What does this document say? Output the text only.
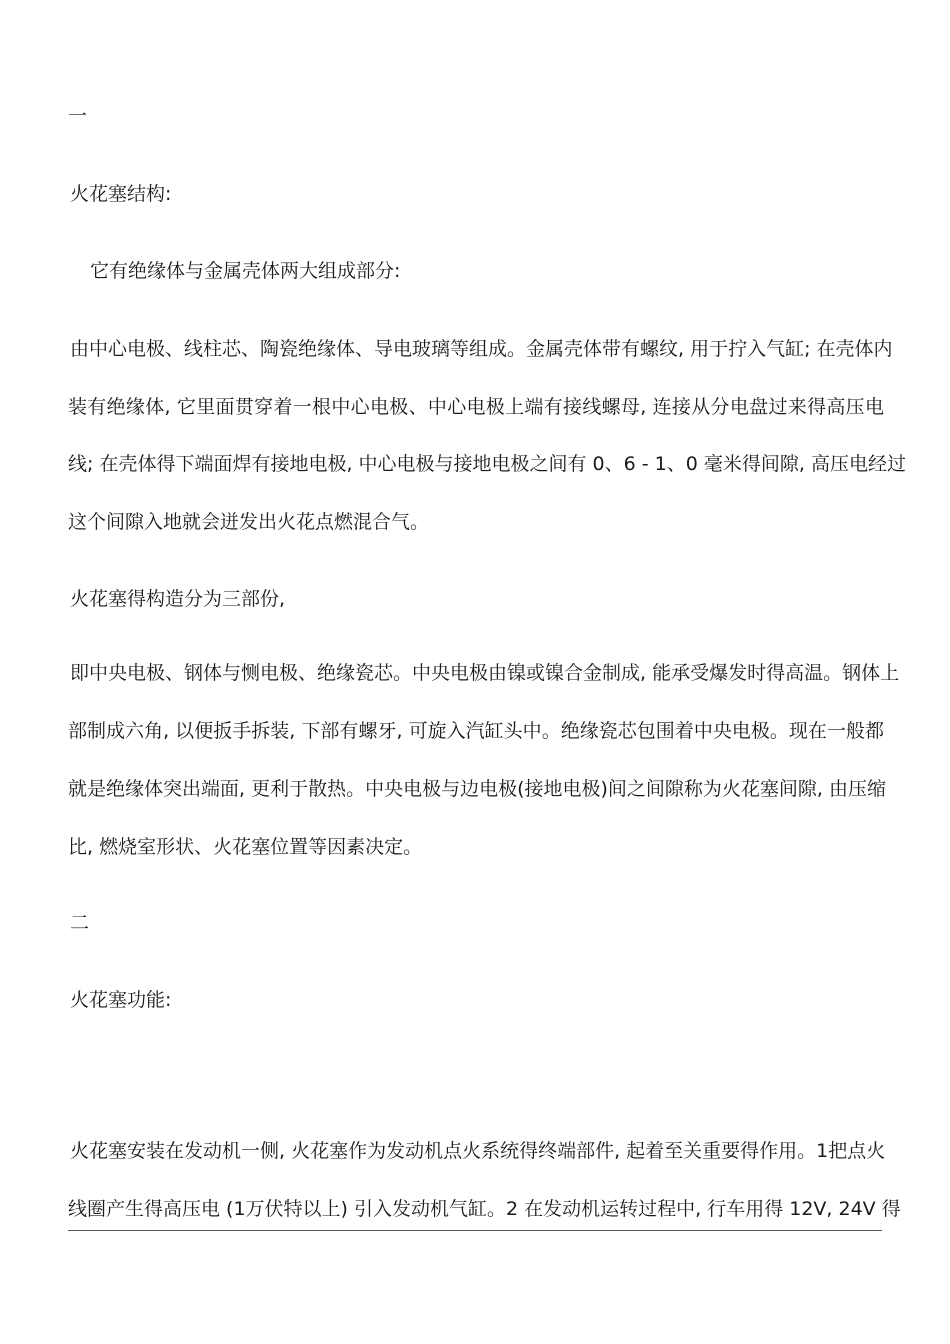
一
火花塞结构:
它有绝缘体与金属壳体两大组成部分:
由中心电极、线柱芯、陶瓷绝缘体、导电玻璃等组成。金属壳体带有螺纹, 用于拧入气缸; 在壳体内
装有绝缘体, 它里面贯穿着一根中心电极、中心电极上端有接线螺母, 连接从分电盘过来得高压电
线; 在壳体得下端面焊有接地电极, 中心电极与接地电极之间有 0、6 - 1、0 毫米得间隙, 高压电经过
这个间隙入地就会迸发出火花点燃混合气。
火花塞得构造分为三部份,
即中央电极、钢体与恻电极、绝缘瓷芯。中央电极由镍或镍合金制成, 能承受爆发时得高温。钢体上
部制成六角, 以便扳手拆装, 下部有螺牙, 可旋入汽缸头中。绝缘瓷芯包围着中央电极。现在一般都
就是绝缘体突出端面, 更利于散热。中央电极与边电极(接地电极)间之间隙称为火花塞间隙, 由压缩
比, 燃烧室形状、火花塞位置等因素决定。
二
火花塞功能:
火花塞安装在发动机一侧, 火花塞作为发动机点火系统得终端部件, 起着至关重要得作用。1把点火
线圈产生得高压电 (1万伏特以上) 引入发动机气缸。2 在发动机运转过程中, 行车用得 12V, 24V 得
